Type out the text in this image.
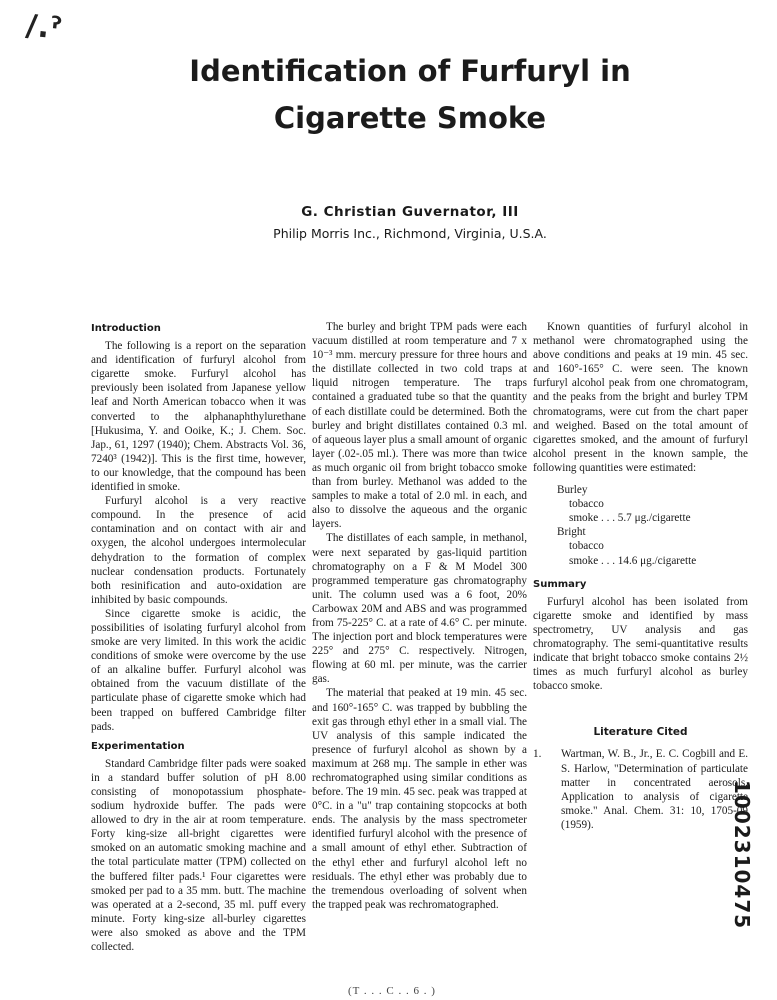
/.ˀ
Identification of Furfuryl in
Cigarette Smoke
G. Christian Guvernator, III
Philip Morris Inc., Richmond, Virginia, U.S.A.
Introduction

The following is a report on the separation and identification of furfuryl alcohol from cigarette smoke. Furfuryl alcohol has previously been isolated from Japanese yellow leaf and North American tobacco when it was converted to the alphanaphthylurethane [Hukusima, Y. and Ooike, K.; J. Chem. Soc. Jap., 61, 1297 (1940); Chem. Abstracts Vol. 36, 7240³ (1942)]. This is the first time, however, to our knowledge, that the compound has been identified in smoke.

Furfuryl alcohol is a very reactive compound. In the presence of acid contamination and on contact with air and oxygen, the alcohol undergoes intermolecular dehydration to the formation of complex nuclear condensation products. Fortunately both resinification and auto-oxidation are inhibited by basic compounds.

Since cigarette smoke is acidic, the possibilities of isolating furfuryl alcohol from smoke are very limited. In this work the acidic conditions of smoke were overcome by the use of an alkaline buffer. Furfuryl alcohol was obtained from the vacuum distillate of the particulate phase of cigarette smoke which had been trapped on buffered Cambridge filter pads.

Experimentation

Standard Cambridge filter pads were soaked in a standard buffer solution of pH 8.00 consisting of monopotassium phosphate-sodium hydroxide buffer. The pads were allowed to dry in the air at room temperature. Forty king-size all-bright cigarettes were smoked on an automatic smoking machine and the total particulate matter (TPM) collected on the buffered filter pads.¹ Four cigarettes were smoked per pad to a 35 mm. butt. The machine was operated at a 2-second, 35 ml. puff every minute. Forty king-size all-burley cigarettes were also smoked as above and the TPM collected.

The burley and bright TPM pads were each vacuum distilled at room temperature and 7 x 10⁻³ mm. mercury pressure for three hours and the distillate collected in two cold traps at liquid nitrogen temperature. The traps contained a graduated tube so that the quantity of each distillate could be determined. Both the burley and bright distillates contained 0.3 ml. of aqueous layer plus a small amount of organic layer (.02-.05 ml.). There was more than twice as much organic oil from bright tobacco smoke than from burley. Methanol was added to the samples to make a total of 2.0 ml. in each, and also to dissolve the aqueous and the organic layers.

The distillates of each sample, in methanol, were next separated by gas-liquid partition chromatography on a F & M Model 300 programmed temperature gas chromatography unit. The column used was a 6 foot, 20% Carbowax 20M and ABS and was programmed from 75-225° C. at a rate of 4.6° C. per minute. The injection port and block temperatures were 225° and 275° C. respectively. Nitrogen, flowing at 60 ml. per minute, was the carrier gas.

The material that peaked at 19 min. 45 sec. and 160°-165° C. was trapped by bubbling the exit gas through ethyl ether in a small vial. The UV analysis of this sample indicated the presence of furfuryl alcohol as shown by a maximum at 268 mμ. The sample in ether was rechromatographed using similar conditions as before. The 19 min. 45 sec. peak was trapped at 0°C. in a "u" trap containing stopcocks at both ends. The analysis by the mass spectrometer identified furfuryl alcohol with the presence of a small amount of ethyl ether. Subtraction of the ethyl ether and furfuryl alcohol left no residuals. The ethyl ether was probably due to the tremendous overloading of solvent when the trapped peak was rechromatographed.

Known quantities of furfuryl alcohol in methanol were chromatographed using the above conditions and peaks at 19 min. 45 sec. and 160°-165° C. were seen. The known furfuryl alcohol peak from one chromatogram, and the peaks from the bright and burley TPM chromatograms, were cut from the chart paper and weighed. Based on the total amount of cigarettes smoked, and the amount of furfuryl alcohol present in the known sample, the following quantities were estimated:

Burley
tobacco
smoke . . . 5.7 μg./cigarette
Bright
tobacco
smoke . . . 14.6 μg./cigarette
Summary

Furfuryl alcohol has been isolated from cigarette smoke and identified by mass spectrometry, UV analysis and gas chromatography. The semi-quantitative results indicate that bright tobacco smoke contains 2½ times as much furfuryl alcohol as burley tobacco smoke.

Literature Cited
1. Wartman, W. B., Jr., E. C. Cogbill and E. S. Harlow, "Determination of particulate matter in concentrated aerosols. Application to analysis of cigarette smoke." Anal. Chem. 31: 10, 1705-09 (1959).	1002310475
(T . . . C . . 6 . )
